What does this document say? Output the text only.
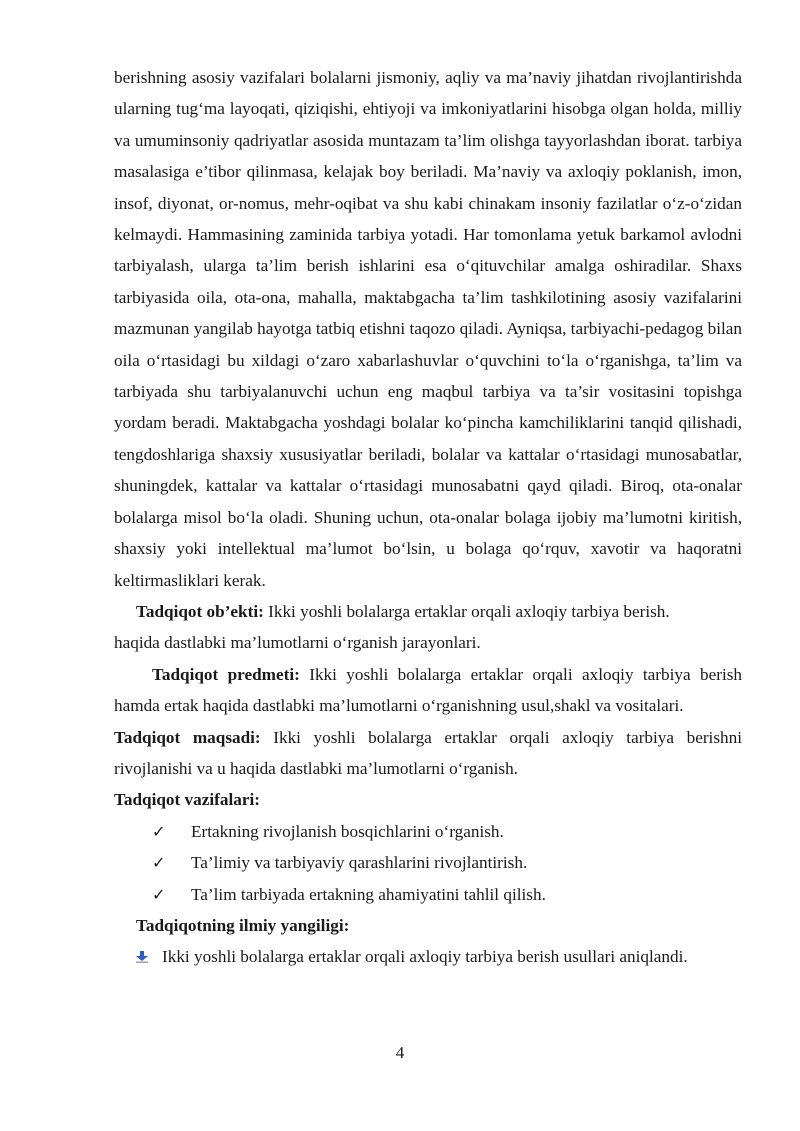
berishning asosiy vazifalari bolalarni jismoniy, aqliy va ma’naviy jihatdan rivojlantirishda ularning tug‘ma layoqati, qiziqishi, ehtiyoji va imkoniyatlarini hisobga olgan holda, milliy va umuminsoniy qadriyatlar asosida muntazam ta’lim olishga tayyorlashdan iborat. tarbiya masalasiga e’tibor qilinmasa, kelajak boy beriladi. Ma’naviy va axloqiy poklanish, imon, insof, diyonat, or-nomus, mehr-oqibat va shu kabi chinakam insoniy fazilatlar o‘z-o‘zidan kelmaydi. Hammasining zaminida tarbiya yotadi. Har tomonlama yetuk barkamol avlodni tarbiyalash, ularga ta’lim berish ishlarini esa o‘qituvchilar amalga oshiradilar. Shaxs tarbiyasida oila, ota-ona, mahalla, maktabgacha ta’lim tashkilotining asosiy vazifalarini mazmunan yangilab hayotga tatbiq etishni taqozo qiladi. Ayniqsa, tarbiyachi-pedagog bilan oila o‘rtasidagi bu xildagi o‘zaro xabarlashuvlar o‘quvchini to‘la o‘rganishga, ta’lim va tarbiyada shu tarbiyalanuvchi uchun eng maqbul tarbiya va ta’sir vositasini topishga yordam beradi. Maktabgacha yoshdagi bolalar ko‘pincha kamchiliklarini tanqid qilishadi, tengdoshlariga shaxsiy xususiyatlar beriladi, bolalar va kattalar o‘rtasidagi munosabatlar, shuningdek, kattalar va kattalar o‘rtasidagi munosabatni qayd qiladi. Biroq, ota-onalar bolalarga misol bo‘la oladi. Shuning uchun, ota-onalar bolaga ijobiy ma’lumotni kiritish, shaxsiy yoki intellektual ma’lumot bo‘lsin, u bolaga qo‘rquv, xavotir va haqoratni keltirmasliklari kerak.

Tadqiqot ob’ekti: Ikki yoshli bolalarga ertaklar orqali axloqiy tarbiya berish.

haqida dastlabki ma’lumotlarni o‘rganish jarayonlari.

Tadqiqot predmeti: Ikki yoshli bolalarga ertaklar orqali axloqiy tarbiya berish hamda ertak haqida dastlabki ma’lumotlarni o‘rganishning usul,shakl va vositalari.

Tadqiqot maqsadi: Ikki yoshli bolalarga ertaklar orqali axloqiy tarbiya berishni rivojlanishi va u haqida dastlabki ma’lumotlarni o‘rganish.

Tadqiqot vazifalari:

✓ Ertakning rivojlanish bosqichlarini o‘rganish.
✓ Ta’limiy va tarbiyaviy qarashlarini rivojlantirish.
✓ Ta’lim tarbiyada ertakning ahamiyatini tahlil qilish.

Tadqiqotning ilmiy yangiligi:

Ikki yoshli bolalarga ertaklar orqali axloqiy tarbiya berish usullari aniqlandi.
4
